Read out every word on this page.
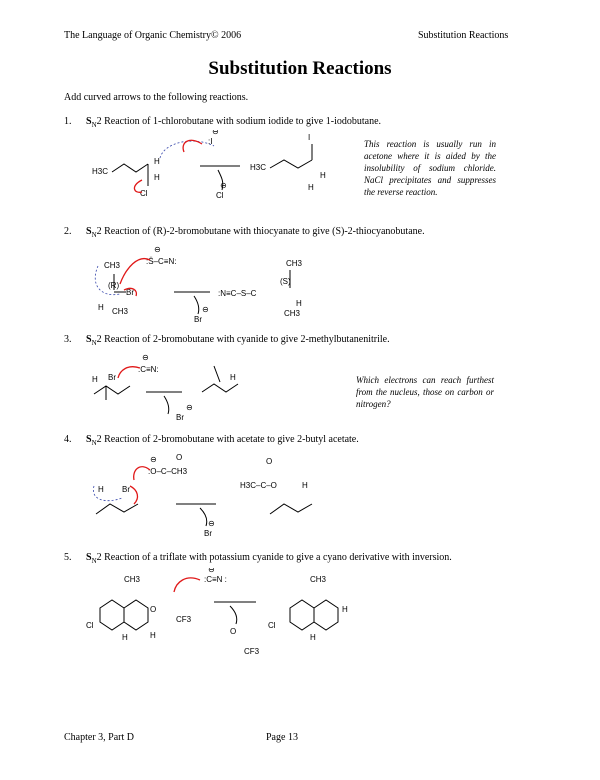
The Language of Organic Chemistry© 2006	Substitution Reactions
Substitution Reactions
Add curved arrows to the following reactions.
1. $S_N2$ Reaction of 1-chlorobutane with sodium iodide to give 1-iodobutane.
2. $S_N2$ Reaction of (R)-2-bromobutane with thiocyanate to give (S)-2-thiocyanobutane.
3. $S_N2$ Reaction of 2-bromobutane with cyanide to give 2-methylbutanenitrile.
4. $S_N2$ Reaction of 2-bromobutane with acetate to give 2-butyl acetate.
5. $S_N2$ Reaction of a triflate with potassium cyanide to give a cyano derivative with inversion.
This reaction is usually run in acetone where it is aided by the insolubility of sodium chloride. NaCl precipitates and suppresses the reverse reaction.
Which electrons can reach furthest from the nucleus, those on carbon or nitrogen?
H3C
Cl
H
H
:I
⊖
Cl
⊖
H3C
I
H
H
CH3
(R)
Br
H CH3
:S̈–C≡N:
⊖
Br
⊖
:N≡C–S–C
CH3
(S)
H
CH3
H Br
:C≡N:
⊖
Br
⊖
H
H Br
:O–C–CH3
⊖ O
Br
⊖
H3C–C–O
O
H
CH3
Cl
H	H
O
CF3
:C≡N :
⊖
O
CF3
CH3
Cl
H
H
Chapter 3, Part D	Page 13
